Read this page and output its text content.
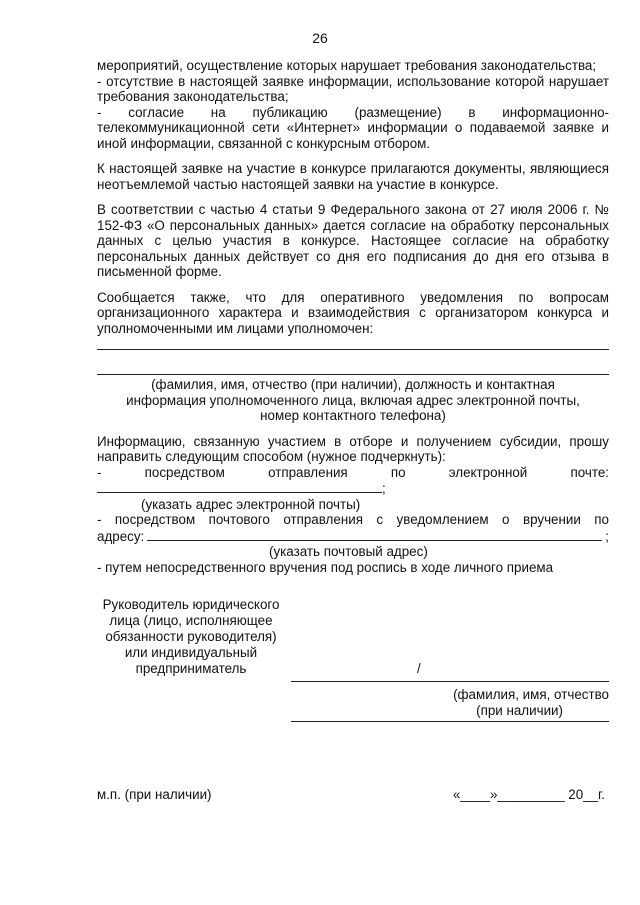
26

мероприятий, осуществление которых нарушает требования законодательства;

- отсутствие в настоящей заявке информации, использование которой нарушает требования законодательства;

- согласие на публикацию (размещение) в информационно-телекоммуникационной сети «Интернет» информации о подаваемой заявке и иной информации, связанной с конкурсным отбором.

К настоящей заявке на участие в конкурсе прилагаются документы, являющиеся неотъемлемой частью настоящей заявки на участие в конкурсе.

В соответствии с частью 4 статьи 9 Федерального закона от 27 июля 2006 г. № 152-ФЗ «О персональных данных» дается согласие на обработку персональных данных с целью участия в конкурсе. Настоящее согласие на обработку персональных данных действует со дня его подписания до дня его отзыва в письменной форме.

Сообщается также, что для оперативного уведомления по вопросам организационного характера и взаимодействия с организатором конкурса и уполномоченными им лицами уполномочен:

(фамилия, имя, отчество (при наличии), должность и контактная информация уполномоченного лица, включая адрес электронной почты, номер контактного телефона)

Информацию, связанную участием в отборе и получением субсидии, прошу направить следующим способом (нужное подчеркнуть):

- посредством отправления по электронной почте:

;

(указать адрес электронной почты)

- посредством почтового отправления с уведомлением о вручении по

адресу:	;

(указать почтовый адрес)

- путем непосредственного вручения под роспись в ходе личного приема

Руководитель юридического
лица (лицо, исполняющее
обязанности руководителя)
или индивидуальный
предприниматель	/
(фамилия, имя, отчество
(при наличии)
м.п. (при наличии)	«____»_________ 20__г.
